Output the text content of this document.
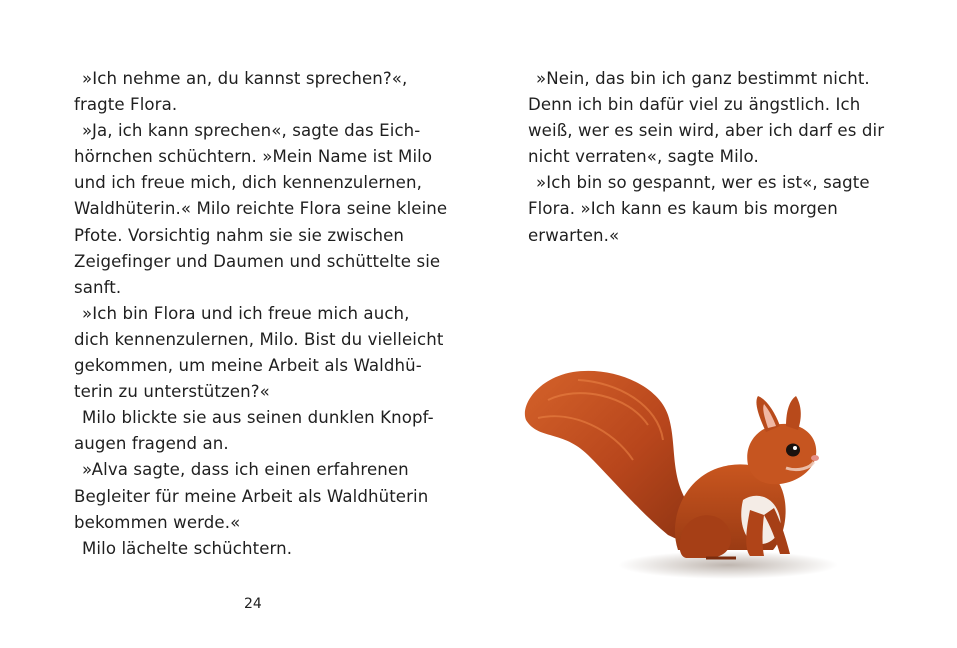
»Ich nehme an, du kannst sprechen?«,
fragte Flora.
»Ja, ich kann sprechen«, sagte das Eich-
hörnchen schüchtern. »Mein Name ist Milo
und ich freue mich, dich kennenzulernen,
Waldhüterin.« Milo reichte Flora seine kleine
Pfote. Vorsichtig nahm sie sie zwischen
Zeigefinger und Daumen und schüttelte sie
sanft.
»Ich bin Flora und ich freue mich auch,
dich kennenzulernen, Milo. Bist du vielleicht
gekommen, um meine Arbeit als Waldhü-
terin zu unterstützen?«
Milo blickte sie aus seinen dunklen Knopf-
augen fragend an.
»Alva sagte, dass ich einen erfahrenen
Begleiter für meine Arbeit als Waldhüterin
bekommen werde.«
Milo lächelte schüchtern.
24
»Nein, das bin ich ganz bestimmt nicht.
Denn ich bin dafür viel zu ängstlich. Ich
weiß, wer es sein wird, aber ich darf es dir
nicht verraten«, sagte Milo.
»Ich bin so gespannt, wer es ist«, sagte
Flora. »Ich kann es kaum bis morgen
erwarten.«
